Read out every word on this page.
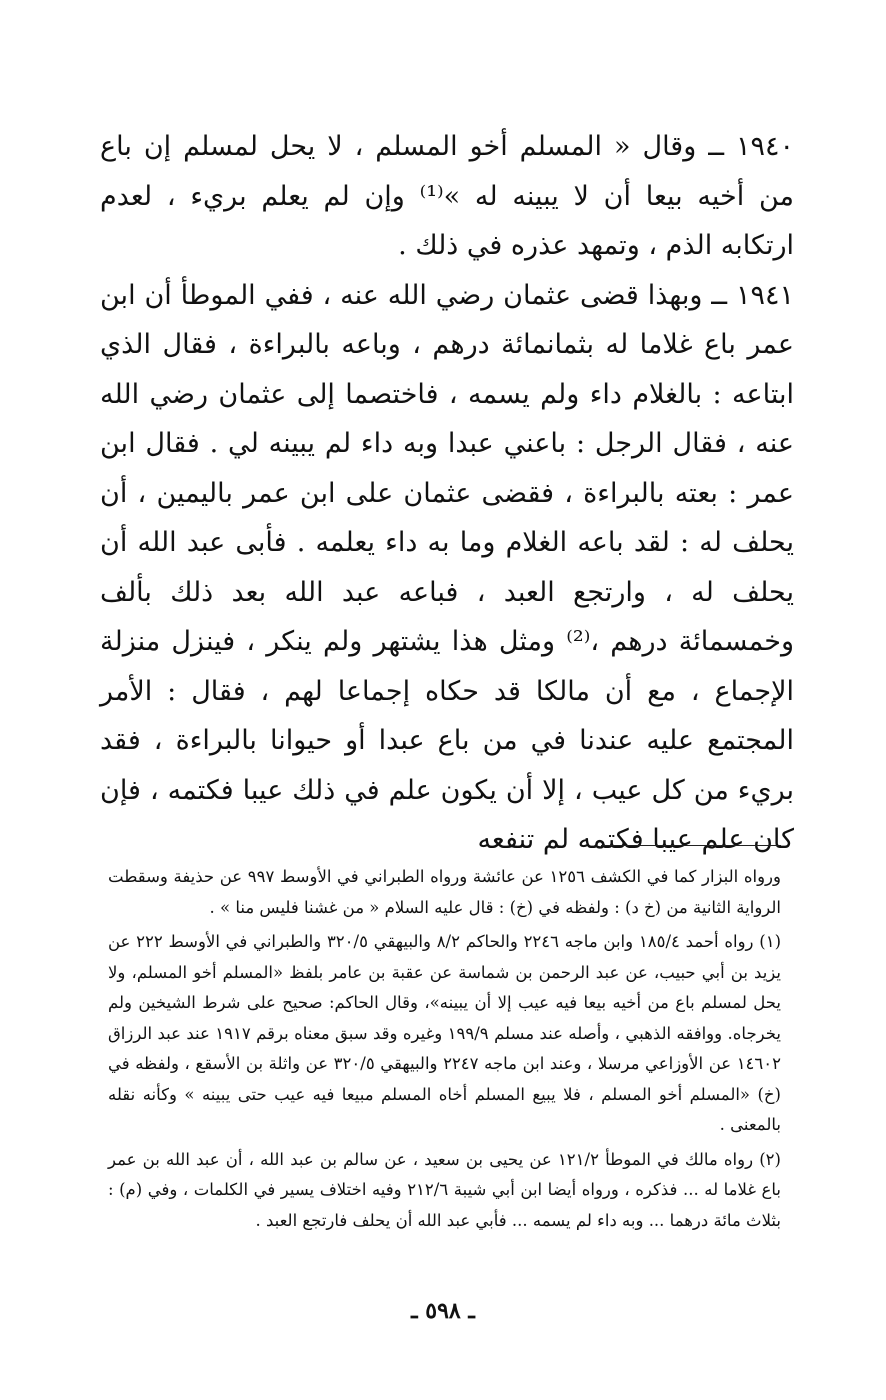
١٩٤٠ ــ وقال « المسلم أخو المسلم ، لا يحل لمسلم إن باع من أخيه بيعا أن لا يبينه له »⁽¹⁾ وإن لم يعلم بريء ، لعدم ارتكابه الذم ، وتمهد عذره في ذلك .

١٩٤١ ــ وبهذا قضى عثمان رضي الله عنه ، ففي الموطأ أن ابن عمر باع غلاما له بثمانمائة درهم ، وباعه بالبراءة ، فقال الذي ابتاعه : بالغلام داء ولم يسمه ، فاختصما إلى عثمان رضي الله عنه ، فقال الرجل : باعني عبدا وبه داء لم يبينه لي . فقال ابن عمر : بعته بالبراءة ، فقضى عثمان على ابن عمر باليمين ، أن يحلف له : لقد باعه الغلام وما به داء يعلمه . فأبى عبد الله أن يحلف له ، وارتجع العبد ، فباعه عبد الله بعد ذلك بألف وخمسمائة درهم ،⁽²⁾ ومثل هذا يشتهر ولم ينكر ، فينزل منزلة الإجماع ، مع أن مالكا قد حكاه إجماعا لهم ، فقال : الأمر المجتمع عليه عندنا في من باع عبدا أو حيوانا بالبراءة ، فقد بريء من كل عيب ، إلا أن يكون علم في ذلك عيبا فكتمه ، فإن كان علم عيبا فكتمه لم تنفعه

ورواه البزار كما في الكشف ١٢٥٦ عن عائشة ورواه الطبراني في الأوسط ٩٩٧ عن حذيفة وسقطت الرواية الثانية من (خ د) : ولفظه في (خ) : قال عليه السلام « من غشنا فليس منا » .

(١) رواه أحمد ١٨٥/٤ وابن ماجه ٢٢٤٦ والحاكم ٨/٢ والبيهقي ٣٢٠/٥ والطبراني في الأوسط ٢٢٢ عن يزيد بن أبي حبيب، عن عبد الرحمن بن شماسة عن عقبة بن عامر بلفظ «المسلم أخو المسلم، ولا يحل لمسلم باع من أخيه بيعا فيه عيب إلا أن يبينه»، وقال الحاكم: صحيح على شرط الشيخين ولم يخرجاه. ووافقه الذهبي ، وأصله عند مسلم ١٩٩/٩ وغيره وقد سبق معناه برقم ١٩١٧ عند عبد الرزاق ١٤٦٠٢ عن الأوزاعي مرسلا ، وعند ابن ماجه ٢٢٤٧ والبيهقي ٣٢٠/٥ عن واثلة بن الأسقع ، ولفظه في (خ) «المسلم أخو المسلم ، فلا يبيع المسلم أخاه المسلم مبيعا فيه عيب حتى يبينه » وكأنه نقله بالمعنى .

(٢) رواه مالك في الموطأ ١٢١/٢ عن يحيى بن سعيد ، عن سالم بن عبد الله ، أن عبد الله بن عمر باع غلاما له ... فذكره ، ورواه أيضا ابن أبي شيبة ٢١٢/٦ وفيه اختلاف يسير في الكلمات ، وفي (م) : بثلاث مائة درهما ... وبه داء لم يسمه ... فأبي عبد الله أن يحلف فارتجع العبد .

ـ ٥٩٨ ـ
